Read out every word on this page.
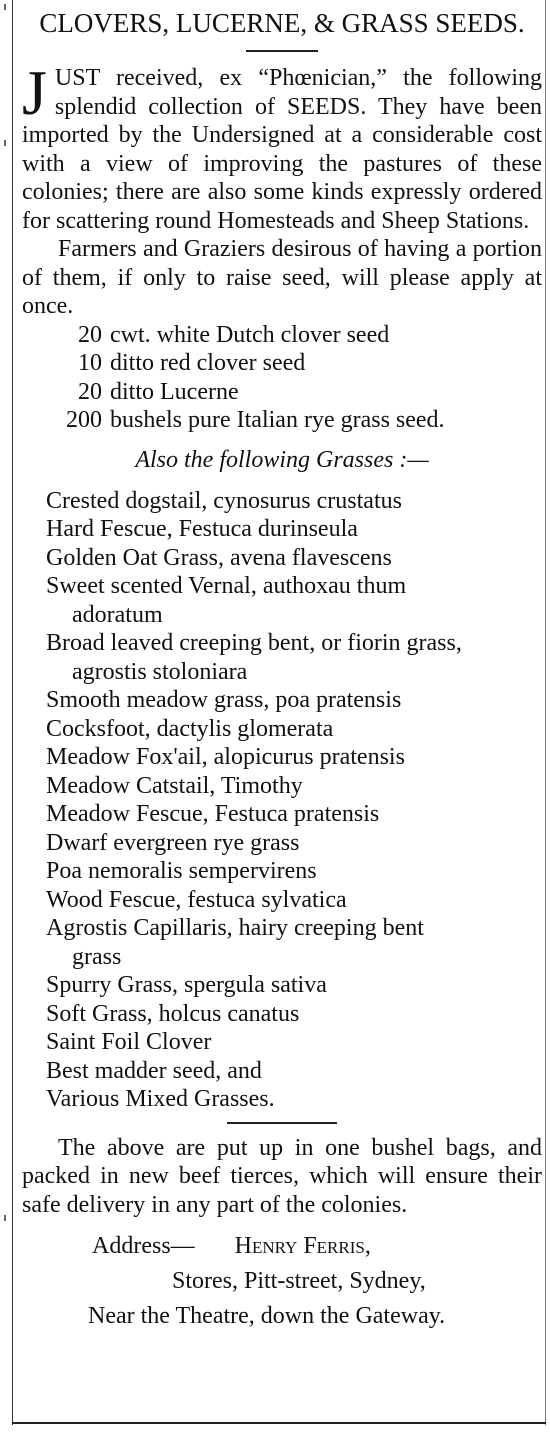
CLOVERS, LUCERNE, & GRASS SEEDS.

JUST received, ex “Phœnician,” the following splendid collection of SEEDS. They have been imported by the Undersigned at a considerable cost with a view of improving the pastures of these colonies; there are also some kinds expressly ordered for scattering round Homesteads and Sheep Stations.

Farmers and Graziers desirous of having a portion of them, if only to raise seed, will please apply at once.

20 cwt. white Dutch clover seed
10 ditto red clover seed
20 ditto Lucerne
200 bushels pure Italian rye grass seed.
Also the following Grasses :—
Crested dogstail, cynosurus crustatus
Hard Fescue, Festuca durinseula
Golden Oat Grass, avena flavescens
Sweet scented Vernal, authoxau thum
adoratum
Broad leaved creeping bent, or fiorin grass,
agrostis stoloniara
Smooth meadow grass, poa pratensis
Cocksfoot, dactylis glomerata
Meadow Fox'ail, alopicurus pratensis
Meadow Catstail, Timothy
Meadow Fescue, Festuca pratensis
Dwarf evergreen rye grass
Poa nemoralis sempervirens
Wood Fescue, festuca sylvatica
Agrostis Capillaris, hairy creeping bent
grass
Spurry Grass, spergula sativa
Soft Grass, holcus canatus
Saint Foil Clover
Best madder seed, and
Various Mixed Grasses.

The above are put up in one bushel bags, and packed in new beef tierces, which will ensure their safe delivery in any part of the colonies.

Address— Henry Ferris,
Stores, Pitt-street, Sydney,
Near the Theatre, down the Gateway.
